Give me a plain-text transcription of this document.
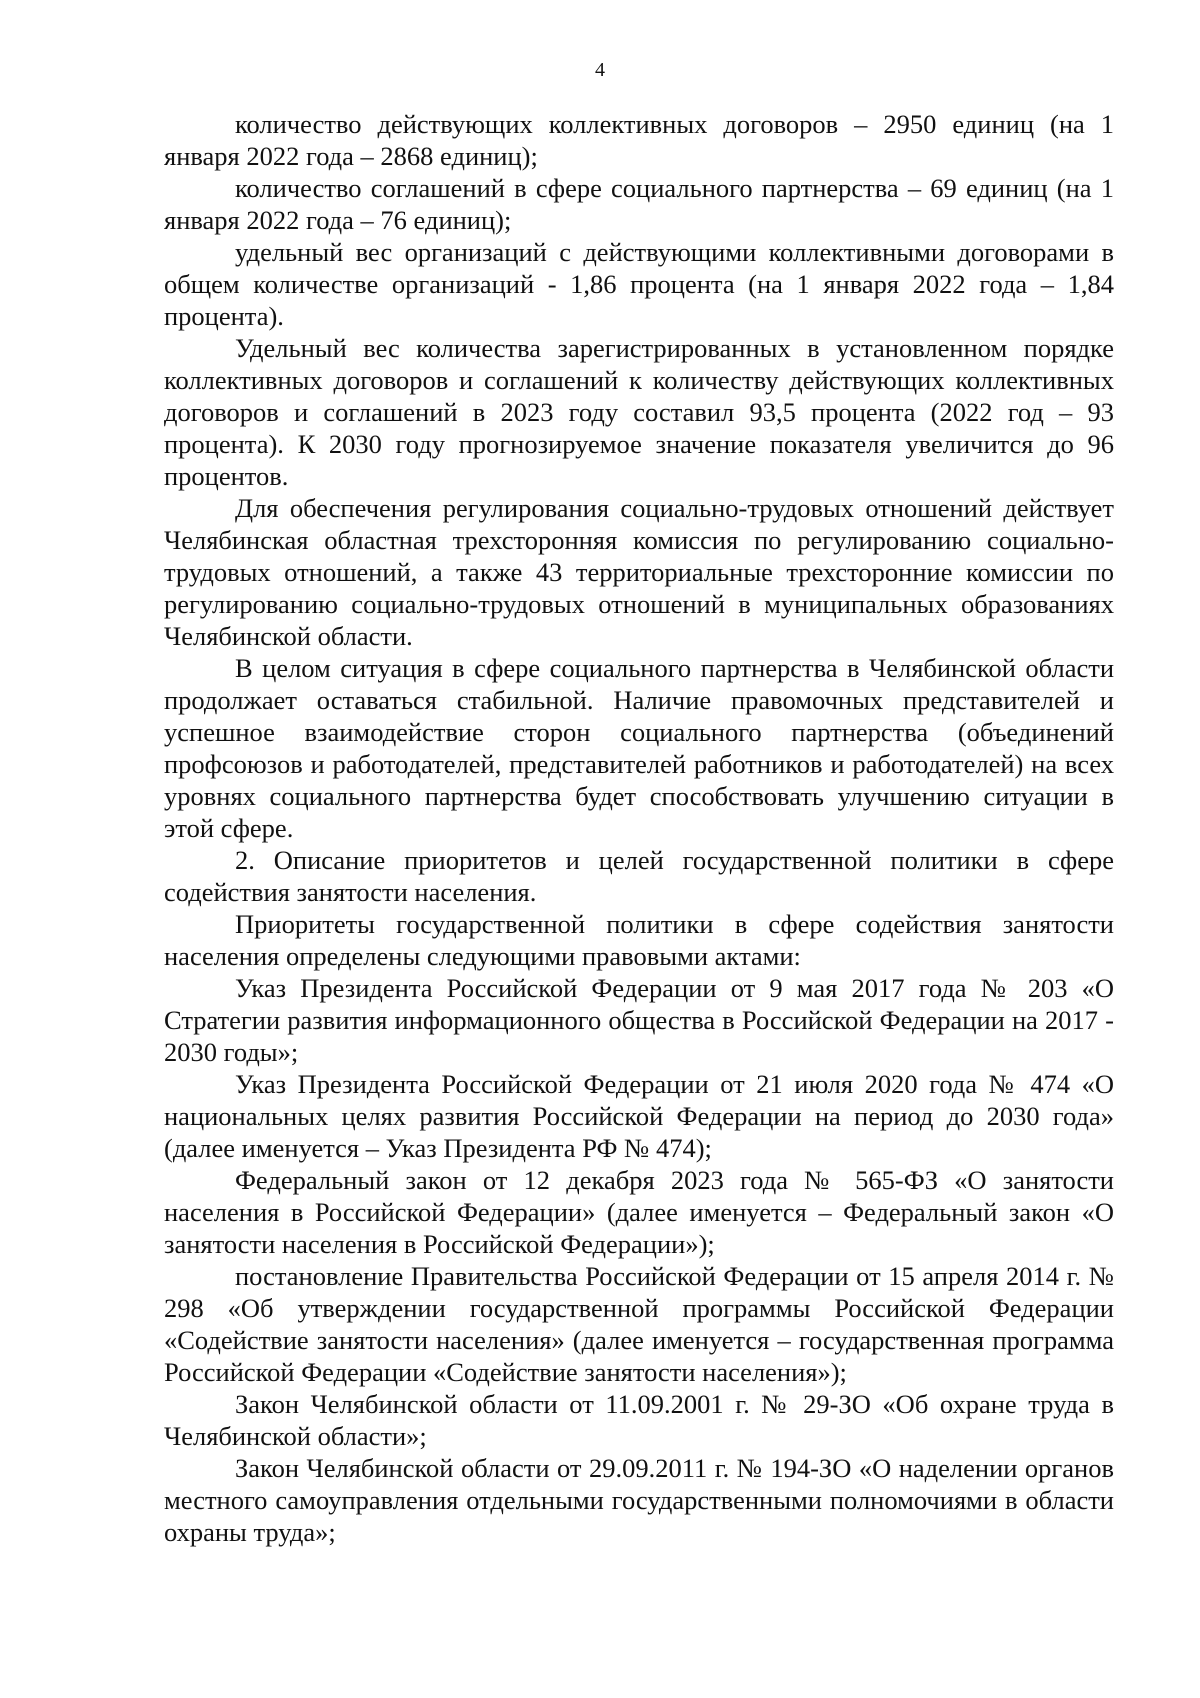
4

количество действующих коллективных договоров – 2950 единиц (на 1 января 2022 года – 2868 единиц);

количество соглашений в сфере социального партнерства – 69 единиц (на 1 января 2022 года – 76 единиц);

удельный вес организаций с действующими коллективными договорами в общем количестве организаций - 1,86 процента (на 1 января 2022 года – 1,84 процента).

Удельный вес количества зарегистрированных в установленном порядке коллективных договоров и соглашений к количеству действующих коллективных договоров и соглашений в 2023 году составил 93,5 процента (2022 год – 93 процента). К 2030 году прогнозируемое значение показателя увеличится до 96 процентов.

Для обеспечения регулирования социально-трудовых отношений действует Челябинская областная трехсторонняя комиссия по регулированию социально-трудовых отношений, а также 43 территориальные трехсторонние комиссии по регулированию социально-трудовых отношений в муниципальных образованиях Челябинской области.

В целом ситуация в сфере социального партнерства в Челябинской области продолжает оставаться стабильной. Наличие правомочных представителей и успешное взаимодействие сторон социального партнерства (объединений профсоюзов и работодателей, представителей работников и работодателей) на всех уровнях социального партнерства будет способствовать улучшению ситуации в этой сфере.

2. Описание приоритетов и целей государственной политики в сфере содействия занятости населения.

Приоритеты государственной политики в сфере содействия занятости населения определены следующими правовыми актами:

Указ Президента Российской Федерации от 9 мая 2017 года № 203 «О Стратегии развития информационного общества в Российской Федерации на 2017 - 2030 годы»;

Указ Президента Российской Федерации от 21 июля 2020 года № 474 «О национальных целях развития Российской Федерации на период до 2030 года» (далее именуется – Указ Президента РФ № 474);

Федеральный закон от 12 декабря 2023 года № 565-ФЗ «О занятости населения в Российской Федерации» (далее именуется – Федеральный закон «О занятости населения в Российской Федерации»);

постановление Правительства Российской Федерации от 15 апреля 2014 г. № 298 «Об утверждении государственной программы Российской Федерации «Содействие занятости населения» (далее именуется – государственная программа Российской Федерации «Содействие занятости населения»);

Закон Челябинской области от 11.09.2001 г. № 29-ЗО «Об охране труда в Челябинской области»;

Закон Челябинской области от 29.09.2011 г. № 194-ЗО «О наделении органов местного самоуправления отдельными государственными полномочиями в области охраны труда»;
